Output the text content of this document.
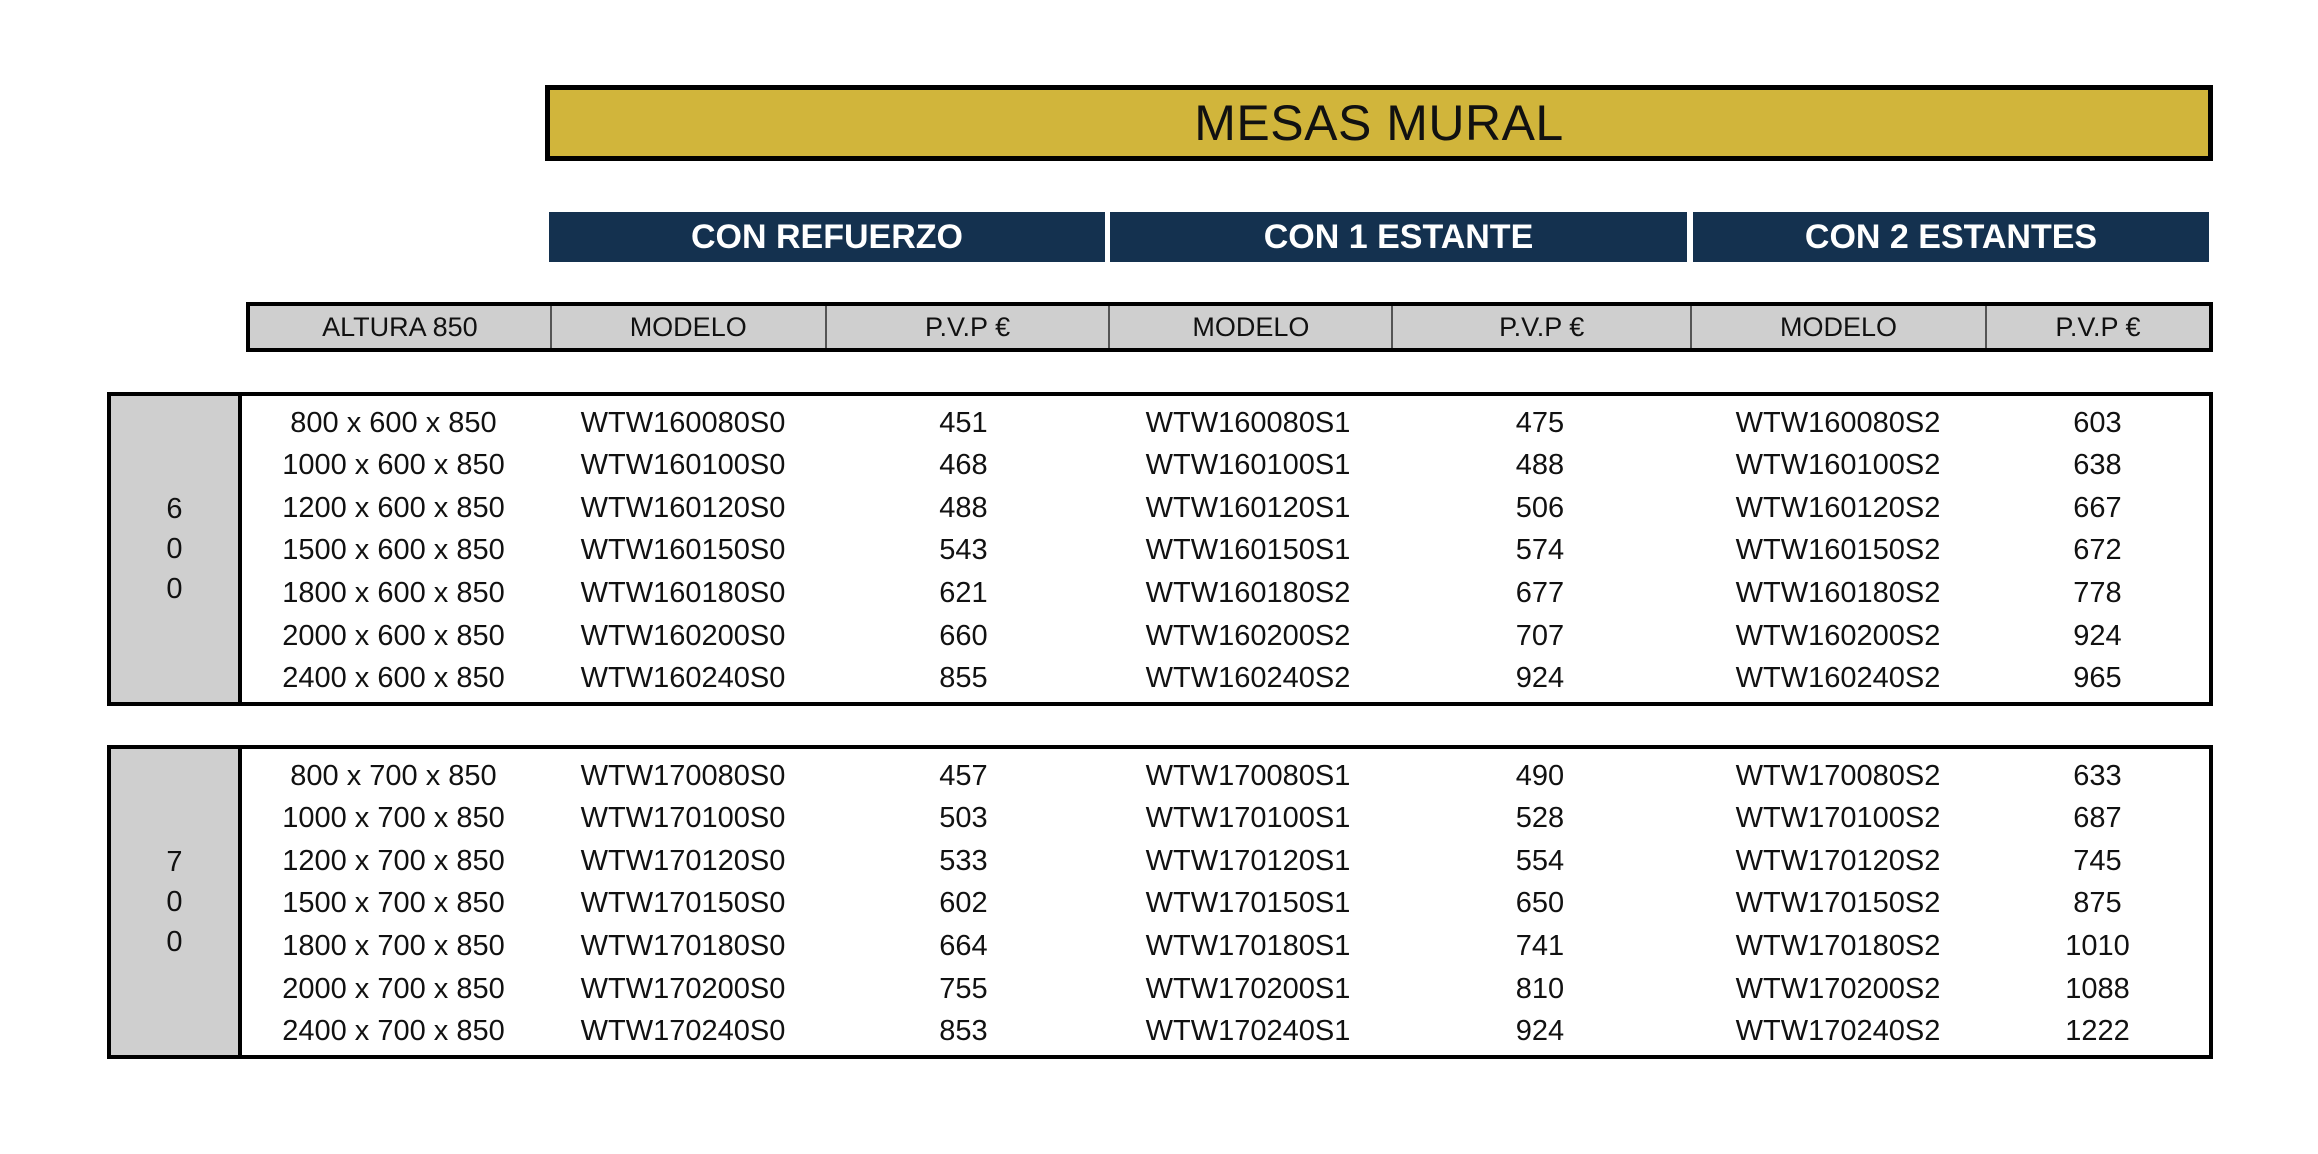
MESAS MURAL
CON REFUERZO	CON 1 ESTANTE	CON 2 ESTANTES
ALTURA 850	MODELO	P.V.P €	MODELO	P.V.P €	MODELO	P.V.P €
6
0
0
800 x 600 x 850	WTW160080S0	451	WTW160080S1	475	WTW160080S2	603
1000 x 600 x 850	WTW160100S0	468	WTW160100S1	488	WTW160100S2	638
1200 x 600 x 850	WTW160120S0	488	WTW160120S1	506	WTW160120S2	667
1500 x 600 x 850	WTW160150S0	543	WTW160150S1	574	WTW160150S2	672
1800 x 600 x 850	WTW160180S0	621	WTW160180S2	677	WTW160180S2	778
2000 x 600 x 850	WTW160200S0	660	WTW160200S2	707	WTW160200S2	924
2400 x 600 x 850	WTW160240S0	855	WTW160240S2	924	WTW160240S2	965
7
0
0
800 x 700 x 850	WTW170080S0	457	WTW170080S1	490	WTW170080S2	633
1000 x 700 x 850	WTW170100S0	503	WTW170100S1	528	WTW170100S2	687
1200 x 700 x 850	WTW170120S0	533	WTW170120S1	554	WTW170120S2	745
1500 x 700 x 850	WTW170150S0	602	WTW170150S1	650	WTW170150S2	875
1800 x 700 x 850	WTW170180S0	664	WTW170180S1	741	WTW170180S2	1010
2000 x 700 x 850	WTW170200S0	755	WTW170200S1	810	WTW170200S2	1088
2400 x 700 x 850	WTW170240S0	853	WTW170240S1	924	WTW170240S2	1222
